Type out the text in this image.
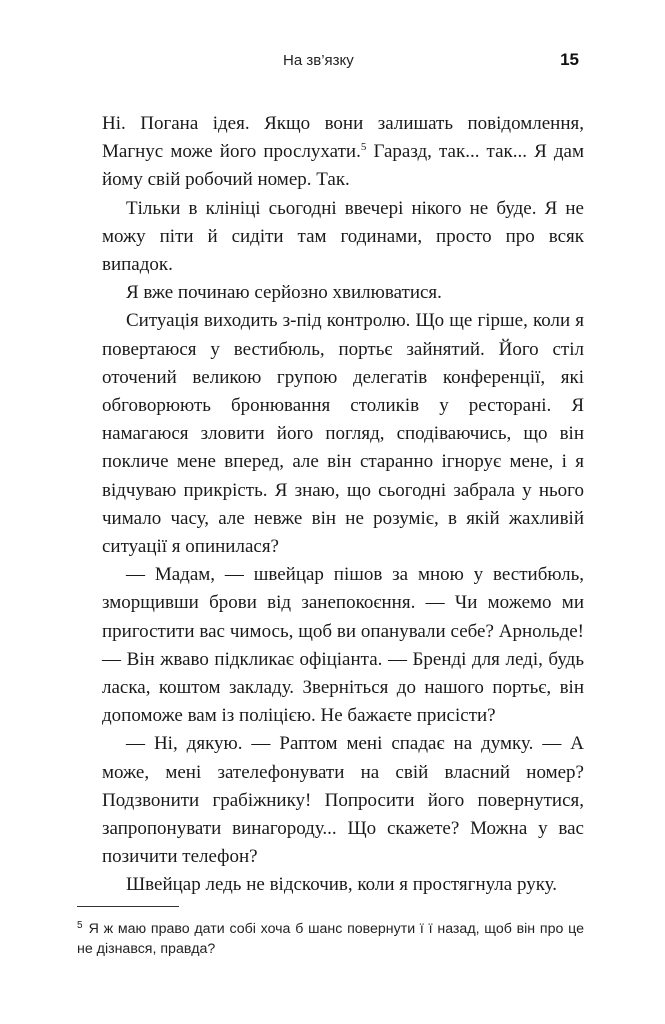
На зв’язку	15

Ні. Погана ідея. Якщо вони залишать повідомлення, Магнус може його прослухати.$^5$ Гаразд, так... так... Я дам йому свій робочий номер. Так.

Тільки в клініці сьогодні ввечері нікого не буде. Я не можу піти й сидіти там годинами, просто про всяк випадок.

Я вже починаю серйозно хвилюватися.

Ситуація виходить з-під контролю. Що ще гірше, коли я повертаюся у вестибюль, портьє зайнятий. Його стіл оточений великою групою делегатів конференції, які обговорюють бронювання столиків у ресторані. Я намагаюся зловити його погляд, сподіваючись, що він покличе мене вперед, але він старанно ігнорує мене, і я відчуваю прикрість. Я знаю, що сьогодні забрала у нього чимало часу, але невже він не розуміє, в якій жахливій ситуації я опинилася?

— Мадам, — швейцар пішов за мною у вестибюль, зморщивши брови від занепокоєння. — Чи можемо ми пригостити вас чимось, щоб ви опанували себе? Арнольде! — Він жваво підкликає офіціанта. — Бренді для леді, будь ласка, коштом закладу. Зверніться до нашого портьє, він допоможе вам із поліцією. Не бажаєте присісти?

— Ні, дякую. — Раптом мені спадає на думку. — А може, мені зателефонувати на свій власний номер? Подзвонити грабіжнику! Попросити його повернутися, запропонувати винагороду... Що скажете? Можна у вас позичити телефон?

Швейцар ледь не відскочив, коли я простягнула руку.

$^5$ Я ж маю право дати собі хоча б шанс повернути ї ї назад, щоб він про це не дізнався, правда?
